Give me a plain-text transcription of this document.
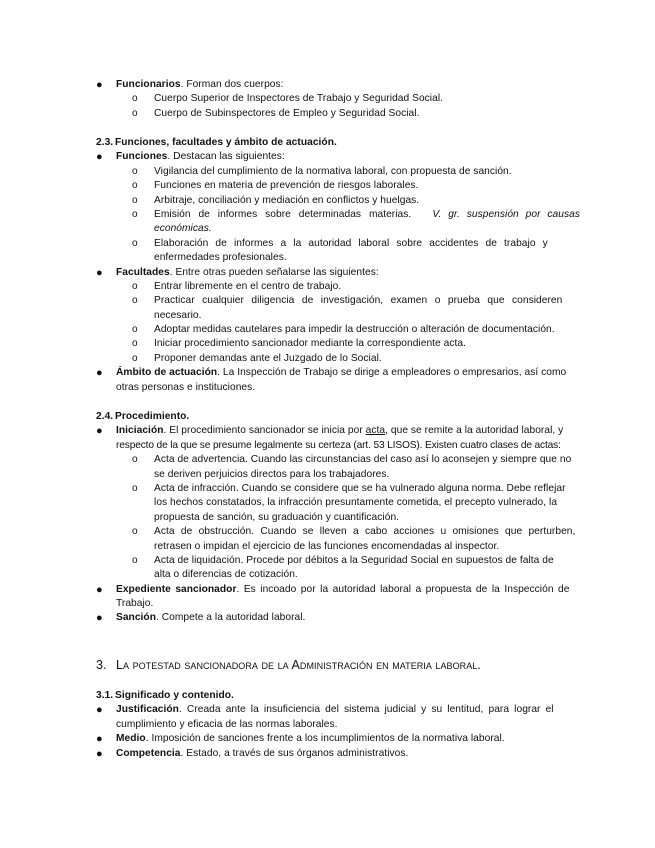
● Funcionarios. Forman dos cuerpos:
o Cuerpo Superior de Inspectores de Trabajo y Seguridad Social.
o Cuerpo de Subinspectores de Empleo y Seguridad Social.
2.3. Funciones, facultades y ámbito de actuación.
● Funciones. Destacan las siguientes:
o Vigilancia del cumplimiento de la normativa laboral, con propuesta de sanción.
o Funciones en materia de prevención de riesgos laborales.
o Arbitraje, conciliación y mediación en conflictos y huelgas.
o Emisión de informes sobre determinadas materias. V. gr. suspensión por causas
económicas.
o Elaboración de informes a la autoridad laboral sobre accidentes de trabajo y
enfermedades profesionales.
● Facultades. Entre otras pueden señalarse las siguientes:
o Entrar libremente en el centro de trabajo.
o Practicar cualquier diligencia de investigación, examen o prueba que consideren
necesario.
o Adoptar medidas cautelares para impedir la destrucción o alteración de documentación.
o Iniciar procedimiento sancionador mediante la correspondiente acta.
o Proponer demandas ante el Juzgado de lo Social.
● Ámbito de actuación. La Inspección de Trabajo se dirige a empleadores o empresarios, así como
otras personas e instituciones.
2.4. Procedimiento.
● Iniciación. El procedimiento sancionador se inicia por acta, que se remite a la autoridad laboral, y
respecto de la que se presume legalmente su certeza (art. 53 LISOS). Existen cuatro clases de actas:
o Acta de advertencia. Cuando las circunstancias del caso así lo aconsejen y siempre que no
se deriven perjuicios directos para los trabajadores.
o Acta de infracción. Cuando se considere que se ha vulnerado alguna norma. Debe reflejar
los hechos constatados, la infracción presuntamente cometida, el precepto vulnerado, la
propuesta de sanción, su graduación y cuantificación.
o Acta de obstrucción. Cuando se lleven a cabo acciones u omisiones que perturben,
retrasen o impidan el ejercicio de las funciones encomendadas al inspector.
o Acta de liquidación. Procede por débitos a la Seguridad Social en supuestos de falta de
alta o diferencias de cotización.
● Expediente sancionador. Es incoado por la autoridad laboral a propuesta de la Inspección de
Trabajo.
● Sanción. Compete a la autoridad laboral.
3. La potestad sancionadora de la Administración en materia laboral.
3.1. Significado y contenido.
● Justificación. Creada ante la insuficiencia del sistema judicial y su lentitud, para lograr el
cumplimiento y eficacia de las normas laborales.
● Medio. Imposición de sanciones frente a los incumplimientos de la normativa laboral.
● Competencia. Estado, a través de sus órganos administrativos.
